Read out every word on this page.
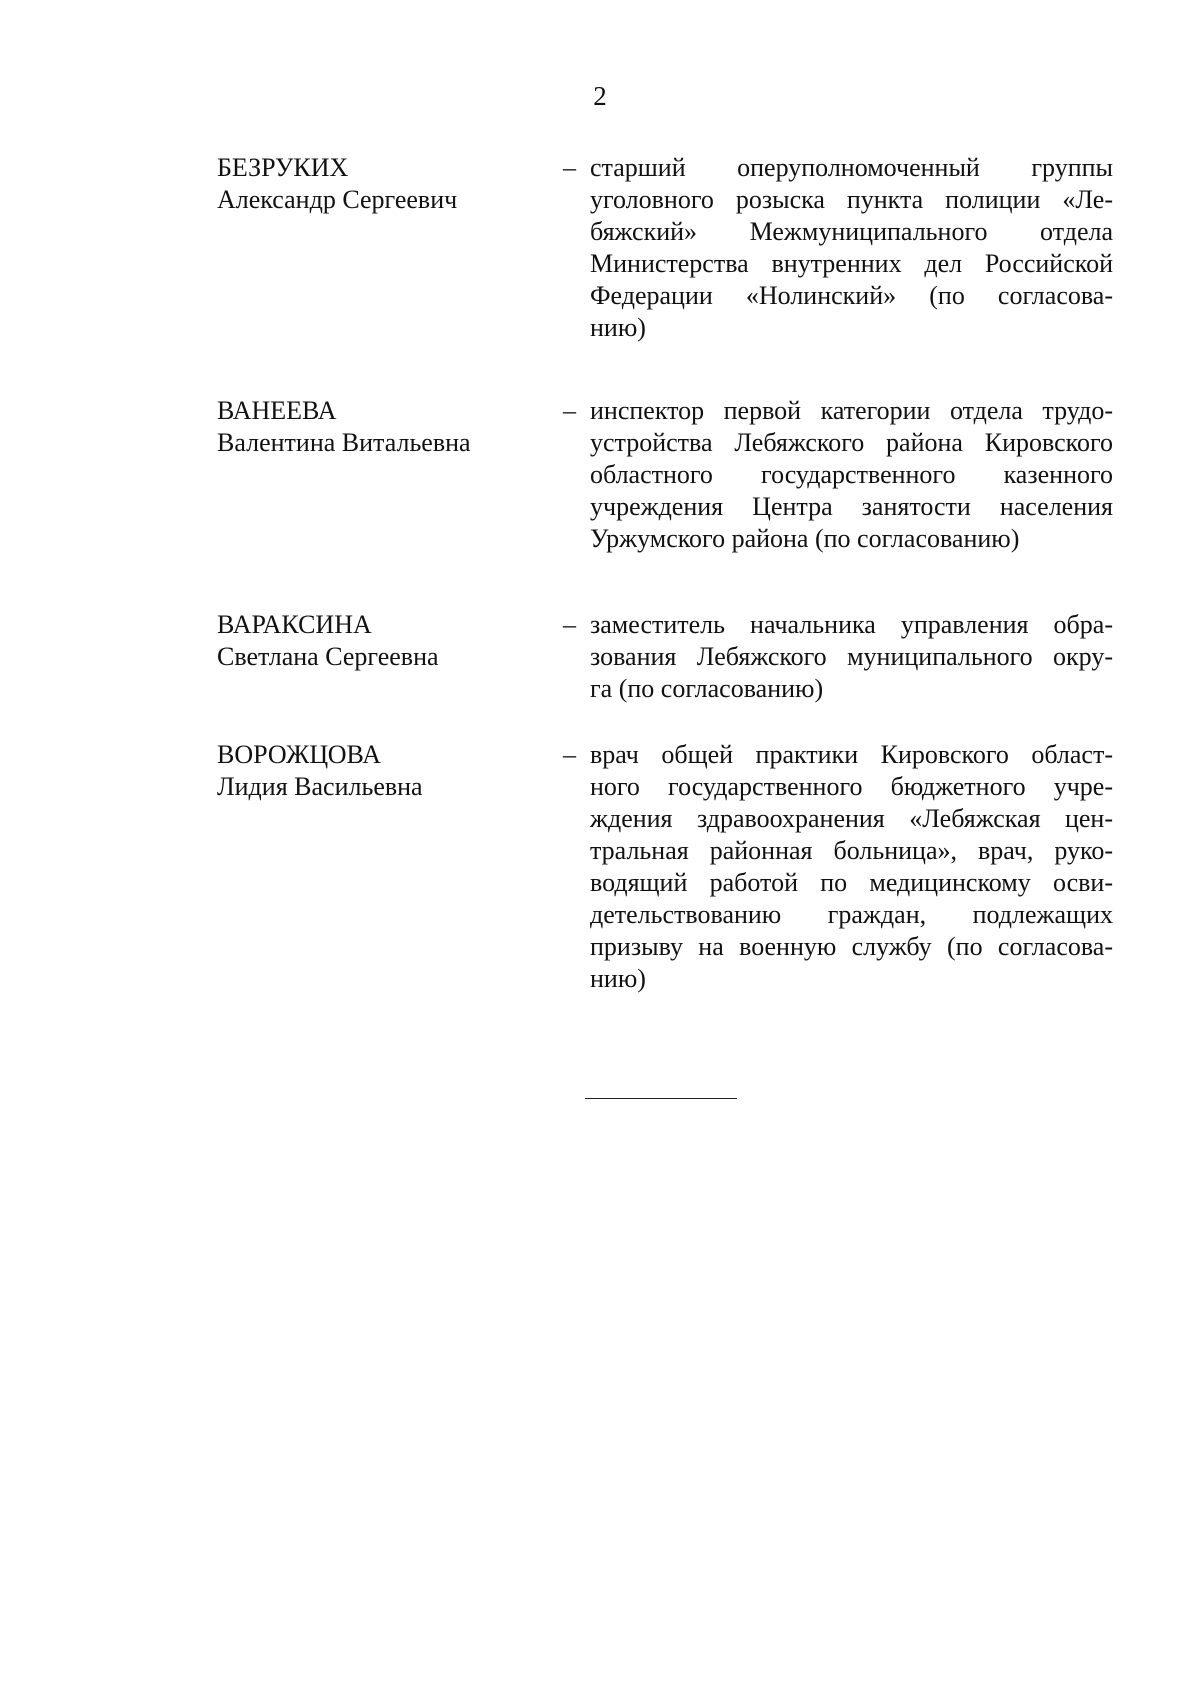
2
БЕЗРУКИХ
Александр Сергеевич
– старший оперуполномоченный группы
уголовного розыска пункта полиции «Ле-
бяжский» Межмуниципального отдела
Министерства внутренних дел Российской
Федерации «Нолинский» (по согласова-
нию)
ВАНЕЕВА
Валентина Витальевна
– инспектор первой категории отдела трудо-
устройства Лебяжского района Кировского
областного государственного казенного
учреждения Центра занятости населения
Уржумского района (по согласованию)
ВАРАКСИНА
Светлана Сергеевна
– заместитель начальника управления обра-
зования Лебяжского муниципального окру-
га (по согласованию)
ВОРОЖЦОВА
Лидия Васильевна
– врач общей практики Кировского област-
ного государственного бюджетного учре-
ждения здравоохранения «Лебяжская цен-
тральная районная больница», врач, руко-
водящий работой по медицинскому осви-
детельствованию граждан, подлежащих
призыву на военную службу (по согласова-
нию)
